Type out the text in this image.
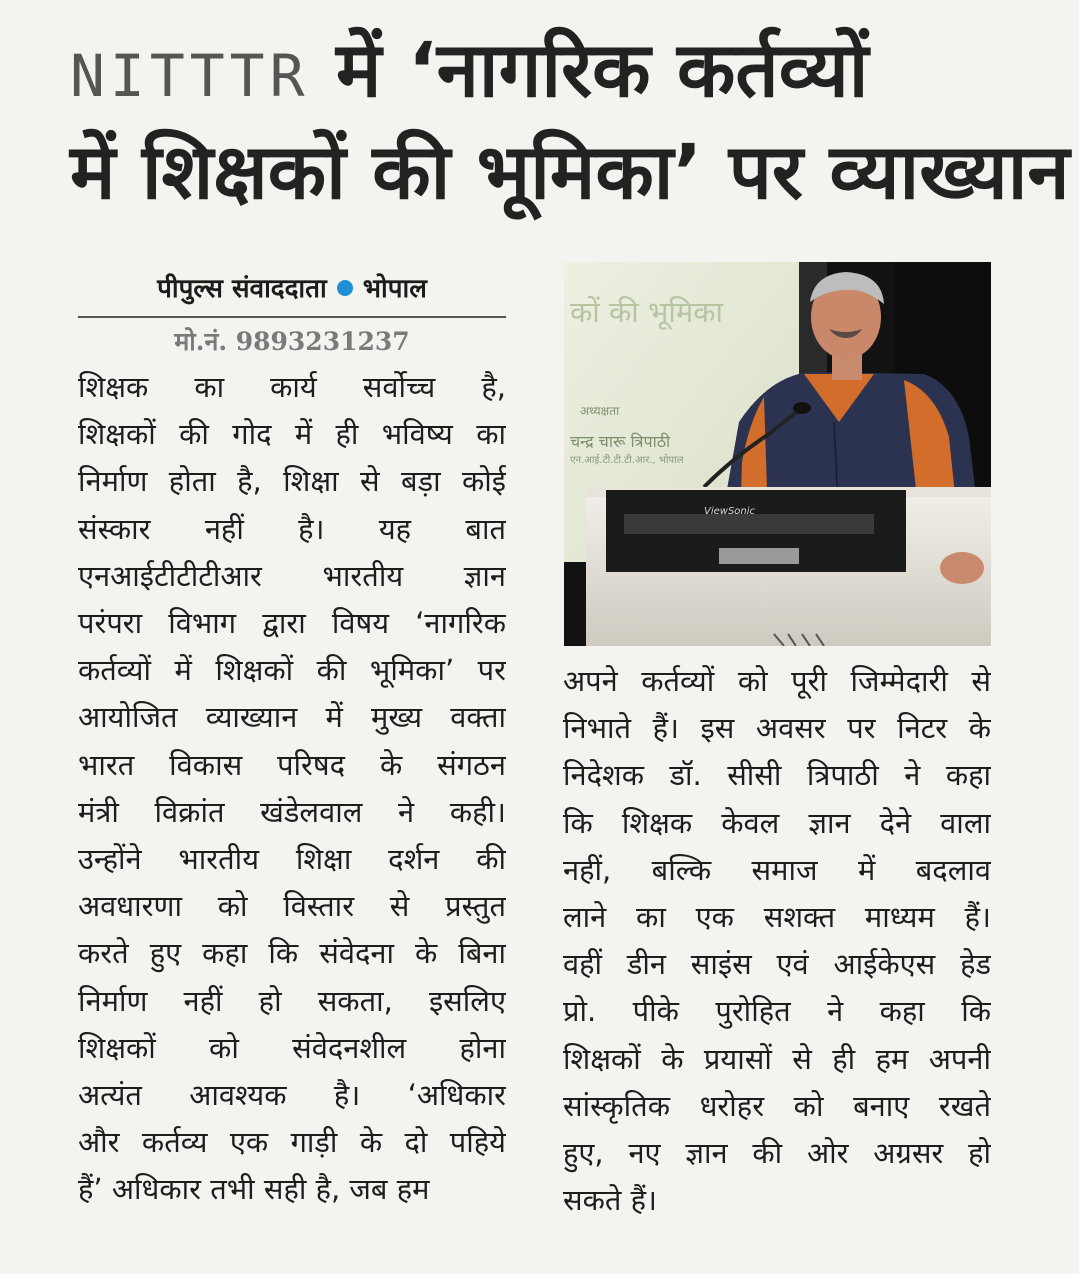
NITTTR में ‘नागरिक कर्तव्यों
में शिक्षकों की भूमिका’ पर व्याख्यान
पीपुल्स संवाददाता भोपाल
मो.नं. 9893231237
कों की भूमिका
अध्यक्षता
चन्द्र चारू त्रिपाठी
एन.आई.टी.टी.टी.आर., भोपाल
ViewSonic
शिक्षक का कार्य सर्वोच्च है,
शिक्षकों की गोद में ही भविष्य का
निर्माण होता है, शिक्षा से बड़ा कोई
संस्कार नहीं है। यह बात
एनआईटीटीटीआर भारतीय ज्ञान
परंपरा विभाग द्वारा विषय ‘नागरिक
कर्तव्यों में शिक्षकों की भूमिका’ पर
आयोजित व्याख्यान में मुख्य वक्ता
भारत विकास परिषद के संगठन
मंत्री विक्रांत खंडेलवाल ने कही।
उन्होंने भारतीय शिक्षा दर्शन की
अवधारणा को विस्तार से प्रस्तुत
करते हुए कहा कि संवेदना के बिना
निर्माण नहीं हो सकता, इसलिए
शिक्षकों को संवेदनशील होना
अत्यंत आवश्यक है। ‘अधिकार
और कर्तव्य एक गाड़ी के दो पहिये
हैं’ अधिकार तभी सही है, जब हम
अपने कर्तव्यों को पूरी जिम्मेदारी से
निभाते हैं। इस अवसर पर निटर के
निदेशक डॉ. सीसी त्रिपाठी ने कहा
कि शिक्षक केवल ज्ञान देने वाला
नहीं, बल्कि समाज में बदलाव
लाने का एक सशक्त माध्यम हैं।
वहीं डीन साइंस एवं आईकेएस हेड
प्रो. पीके पुरोहित ने कहा कि
शिक्षकों के प्रयासों से ही हम अपनी
सांस्कृतिक धरोहर को बनाए रखते
हुए, नए ज्ञान की ओर अग्रसर हो
सकते हैं।
